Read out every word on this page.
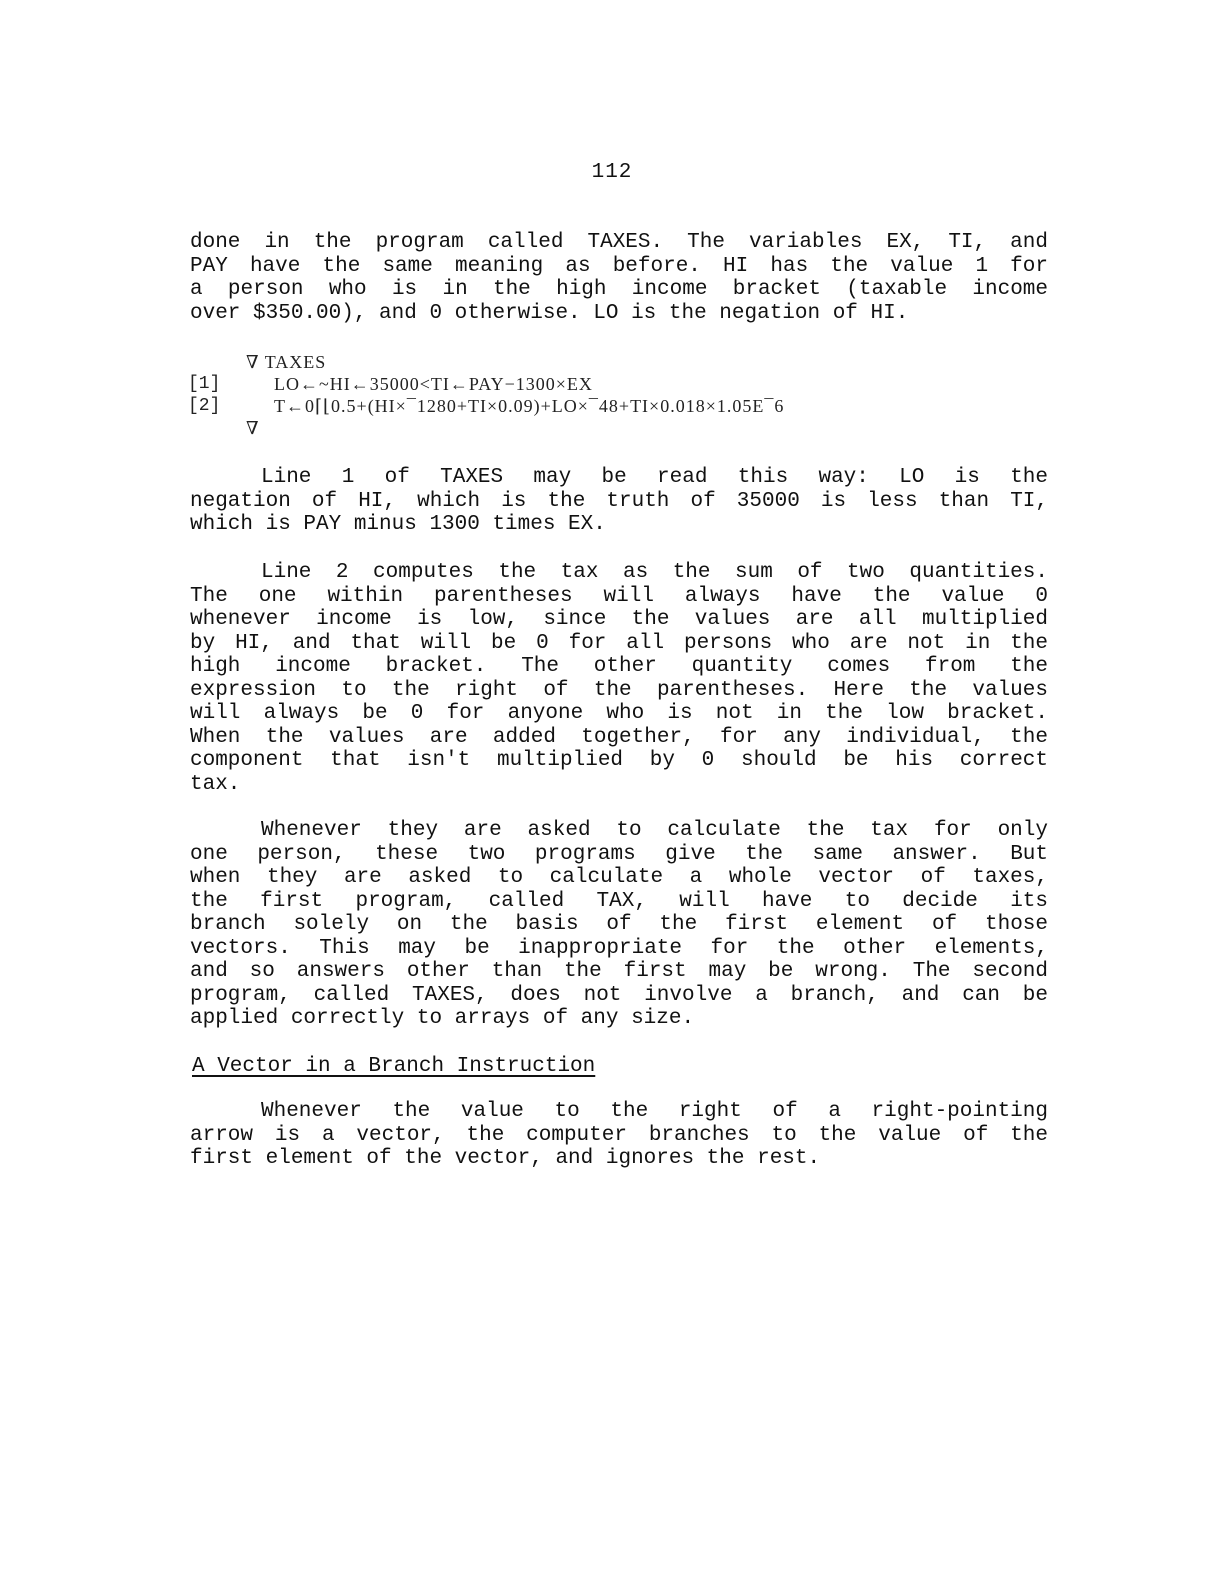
112
done in the program called TAXES. The variables EX, TI, and
PAY have the same meaning as before. HI has the value 1 for
a person who is in the high income bracket (taxable income
over $350.00), and 0 otherwise. LO is the negation of HI.
∇ TAXES
[1]	LO←~HI←35000<TI←PAY−1300×EX
[2]	T←0⌈⌊0.5+(HI×¯1280+TI×0.09)+LO×¯48+TI×0.018×1.05E¯6
∇
Line 1 of TAXES may be read this way: LO is the
negation of HI, which is the truth of 35000 is less than TI,
which is PAY minus 1300 times EX.
Line 2 computes the tax as the sum of two quantities.
The one within parentheses will always have the value 0
whenever income is low, since the values are all multiplied
by HI, and that will be 0 for all persons who are not in the
high income bracket. The other quantity comes from the
expression to the right of the parentheses. Here the values
will always be 0 for anyone who is not in the low bracket.
When the values are added together, for any individual, the
component that isn't multiplied by 0 should be his correct
tax.
Whenever they are asked to calculate the tax for only
one person, these two programs give the same answer. But
when they are asked to calculate a whole vector of taxes,
the first program, called TAX, will have to decide its
branch solely on the basis of the first element of those
vectors. This may be inappropriate for the other elements,
and so answers other than the first may be wrong. The second
program, called TAXES, does not involve a branch, and can be
applied correctly to arrays of any size.
A Vector in a Branch Instruction
Whenever the value to the right of a right-pointing
arrow is a vector, the computer branches to the value of the
first element of the vector, and ignores the rest.
